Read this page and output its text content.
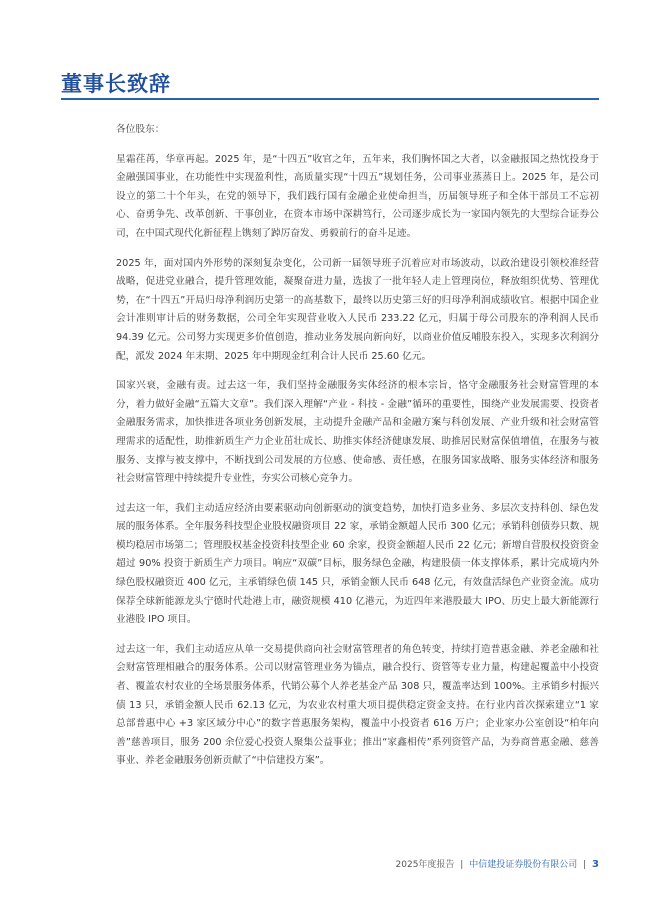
董事长致辞

各位股东：

星霜荏苒，华章再起。2025 年，是“十四五”收官之年，五年来，我们胸怀国之大者，以金融报国之热忱投身于金融强国事业，在功能性中实现盈利性，高质量实现“十四五”规划任务，公司事业蒸蒸日上。2025 年，是公司设立的第二十个年头，在党的领导下，我们践行国有金融企业使命担当，历届领导班子和全体干部员工不忘初心、奋勇争先、改革创新、干事创业，在资本市场中深耕笃行，公司逐步成长为一家国内领先的大型综合证券公司，在中国式现代化新征程上镌刻了踔厉奋发、勇毅前行的奋斗足迹。

2025 年，面对国内外形势的深刻复杂变化，公司新一届领导班子沉着应对市场波动，以政治建设引领校准经营战略，促进党业融合，提升管理效能，凝聚奋进力量，选拔了一批年轻人走上管理岗位，释放组织优势、管理优势，在“十四五”开局归母净利润历史第一的高基数下，最终以历史第三好的归母净利润成绩收官。根据中国企业会计准则审计后的财务数据，公司全年实现营业收入人民币 233.22 亿元，归属于母公司股东的净利润人民币 94.39 亿元。公司努力实现更多价值创造，推动业务发展向新向好，以商业价值反哺股东投入，实现多次利润分配，派发 2024 年末期、2025 年中期现金红利合计人民币 25.60 亿元。

国家兴衰，金融有责。过去这一年，我们坚持金融服务实体经济的根本宗旨，恪守金融服务社会财富管理的本分，着力做好金融“五篇大文章”。我们深入理解“产业 - 科技 - 金融”循环的重要性，围绕产业发展需要、投资者金融服务需求，加快推进各项业务创新发展，主动提升金融产品和金融方案与科创发展、产业升级和社会财富管理需求的适配性，助推新质生产力企业茁壮成长、助推实体经济健康发展、助推居民财富保值增值，在服务与被服务、支撑与被支撑中，不断找到公司发展的方位感、使命感、责任感，在服务国家战略、服务实体经济和服务社会财富管理中持续提升专业性，夯实公司核心竞争力。

过去这一年，我们主动适应经济由要素驱动向创新驱动的演变趋势，加快打造多业务、多层次支持科创、绿色发展的服务体系。全年服务科技型企业股权融资项目 22 家，承销金额超人民币 300 亿元；承销科创债券只数、规模均稳居市场第二；管理股权基金投资科技型企业 60 余家，投资金额超人民币 22 亿元；新增自营股权投资资金超过 90% 投资于新质生产力项目。响应“双碳”目标，服务绿色金融，构建股债一体支撑体系，累计完成境内外绿色股权融资近 400 亿元，主承销绿色债 145 只，承销金额人民币 648 亿元，有效盘活绿色产业资金流。成功保荐全球新能源龙头宁德时代赴港上市，融资规模 410 亿港元，为近四年来港股最大 IPO、历史上最大新能源行业港股 IPO 项目。

过去这一年，我们主动适应从单一交易提供商向社会财富管理者的角色转变，持续打造普惠金融、养老金融和社会财富管理相融合的服务体系。公司以财富管理业务为锚点，融合投行、资管等专业力量，构建起覆盖中小投资者、覆盖农村农业的全场景服务体系，代销公募个人养老基金产品 308 只，覆盖率达到 100%。主承销乡村振兴债 13 只，承销金额人民币 62.13 亿元，为农业农村重大项目提供稳定资金支持。在行业内首次探索建立“1 家总部普惠中心 +3 家区域分中心”的数字普惠服务架构，覆盖中小投资者 616 万户；企业家办公室创设“柏年向善”慈善项目，服务 200 余位爱心投资人聚集公益事业；推出“家鑫相传”系列资管产品，为券商普惠金融、慈善事业、养老金融服务创新贡献了“中信建投方案”。

2025年度报告 | 中信建投证券股份有限公司 | 3
